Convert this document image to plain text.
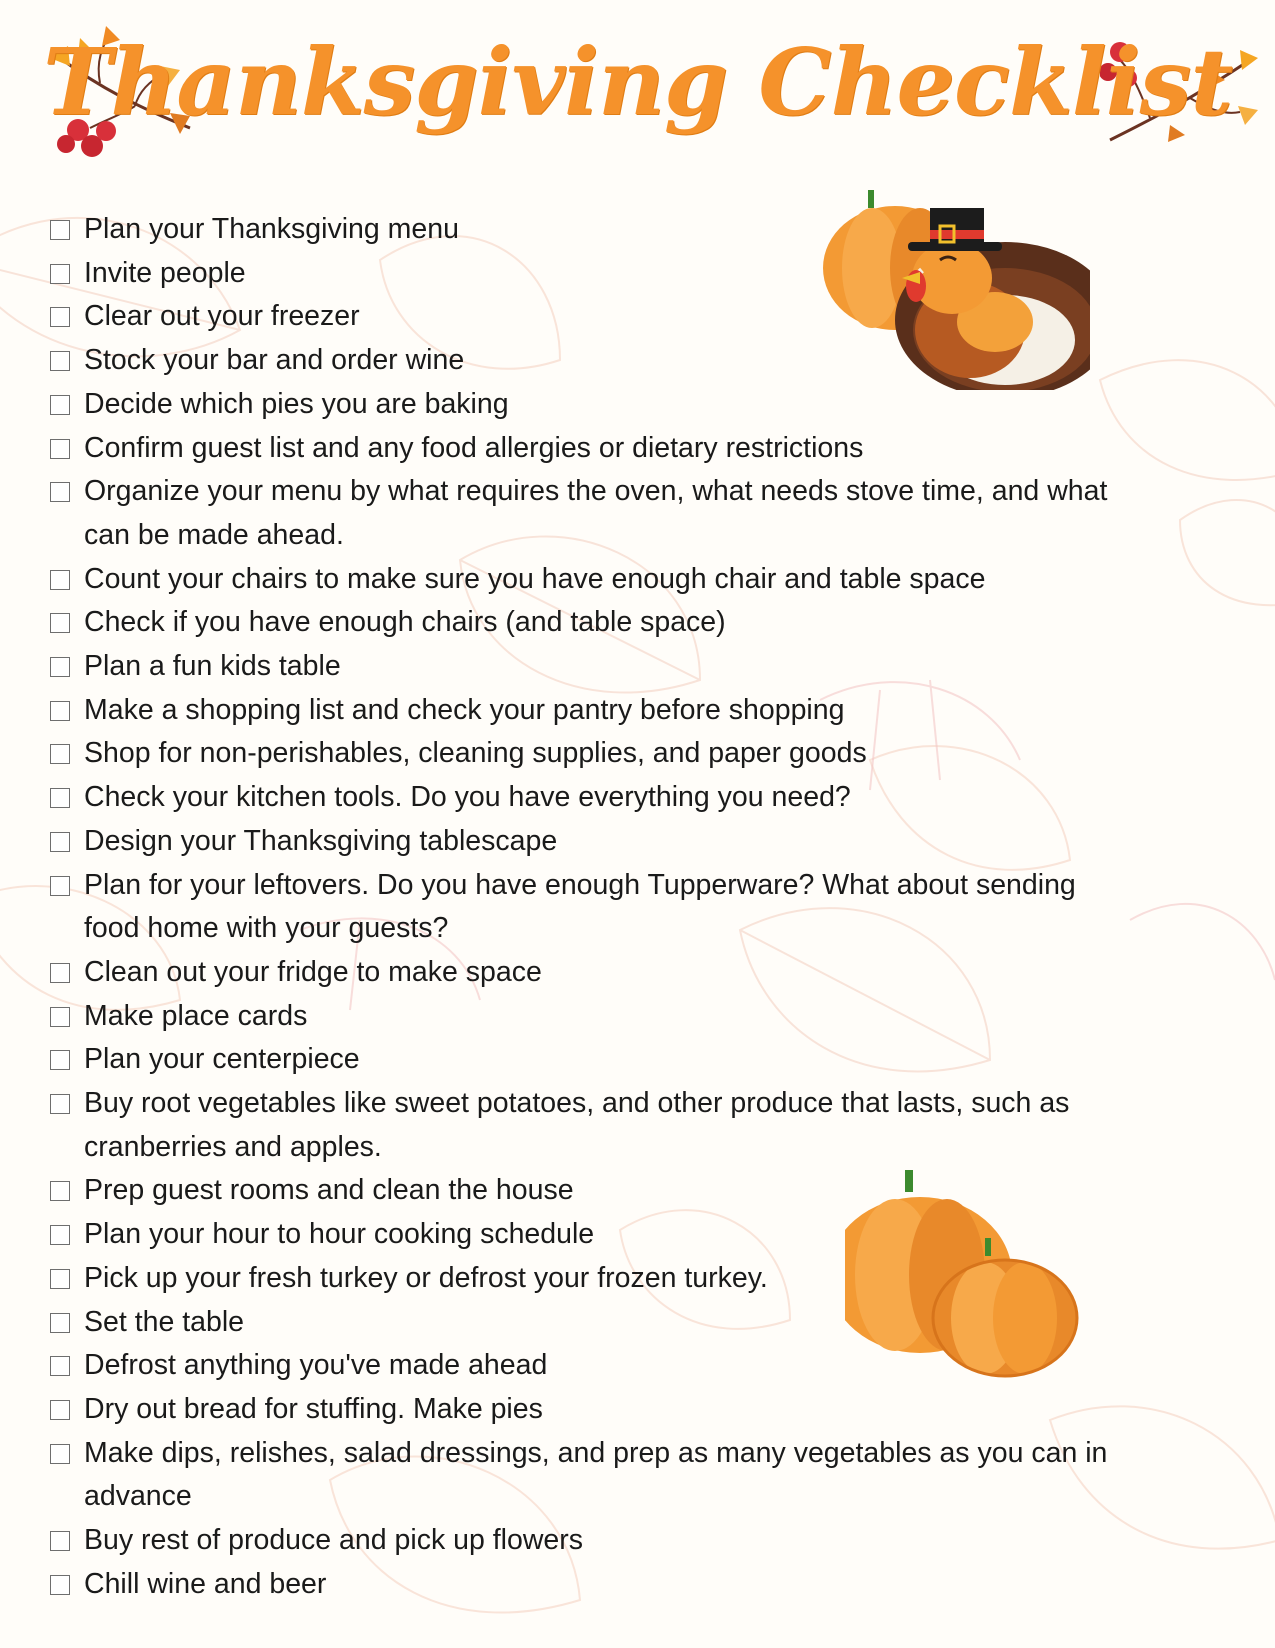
Thanksgiving Checklist
Plan your Thanksgiving menu
Invite people
Clear out your freezer
Stock your bar and order wine
Decide which pies you are baking
Confirm guest list and any food allergies or dietary restrictions
Organize your menu by what requires the oven, what needs stove time, and what can be made ahead.
Count your chairs to make sure you have enough chair and table space
Check if you have enough chairs (and table space)
Plan a fun kids table
Make a shopping list and check your pantry before shopping
Shop for non-perishables, cleaning supplies, and paper goods
Check your kitchen tools. Do you have everything you need?
Design your Thanksgiving tablescape
Plan for your leftovers. Do you have enough Tupperware? What about sending food home with your guests?
Clean out your fridge to make space
Make place cards
Plan your centerpiece
Buy root vegetables like sweet potatoes, and other produce that lasts, such as cranberries and apples.
Prep guest rooms and clean the house
Plan your hour to hour cooking schedule
Pick up your fresh turkey or defrost your frozen turkey.
Set the table
Defrost anything you've made ahead
Dry out bread for stuffing. Make pies
Make dips, relishes, salad dressings, and prep as many vegetables as you can in advance
Buy rest of produce and pick up flowers
Chill wine and beer
